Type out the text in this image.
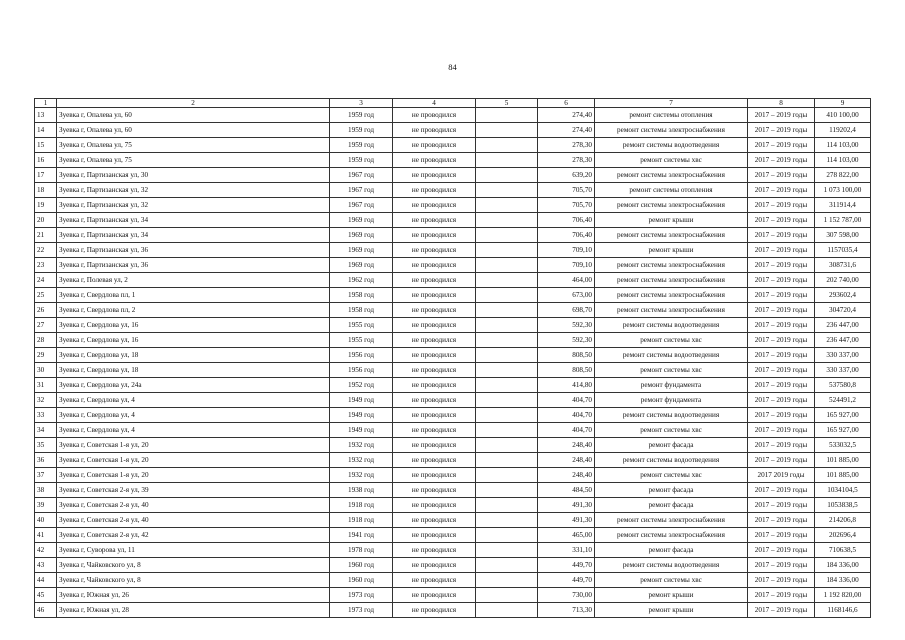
84
1	2	3	4	5	6	7	8	9
13	Зуевка г, Опалева ул, 60	1959 год	не проводился		274,40	ремонт системы отопления	2017 – 2019 годы	410 100,00
14	Зуевка г, Опалева ул, 60	1959 год	не проводился		274,40	ремонт системы электроснабжения	2017 – 2019 годы	119202,4
15	Зуевка г, Опалева ул, 75	1959 год	не проводился		278,30	ремонт системы водоотведения	2017 – 2019 годы	114 103,00
16	Зуевка г, Опалева ул, 75	1959 год	не проводился		278,30	ремонт системы хвс	2017 – 2019 годы	114 103,00
17	Зуевка г, Партизанская ул, 30	1967 год	не проводился		639,20	ремонт системы электроснабжения	2017 – 2019 годы	278 822,00
18	Зуевка г, Партизанская ул, 32	1967 год	не проводился		705,70	ремонт системы отопления	2017 – 2019 годы	1 073 100,00
19	Зуевка г, Партизанская ул, 32	1967 год	не проводился		705,70	ремонт системы электроснабжения	2017 – 2019 годы	311914,4
20	Зуевка г, Партизанская ул, 34	1969 год	не проводился		706,40	ремонт крыши	2017 – 2019 годы	1 152 787,00
21	Зуевка г, Партизанская ул, 34	1969 год	не проводился		706,40	ремонт системы электроснабжения	2017 – 2019 годы	307 598,00
22	Зуевка г, Партизанская ул, 36	1969 год	не проводился		709,10	ремонт крыши	2017 – 2019 годы	1157035,4
23	Зуевка г, Партизанская ул, 36	1969 год	не проводился		709,10	ремонт системы электроснабжения	2017 – 2019 годы	308731,6
24	Зуевка г, Полевая ул, 2	1962 год	не проводился		464,00	ремонт системы электроснабжения	2017 – 2019 годы	202 740,00
25	Зуевка г, Свердлова пл, 1	1958 год	не проводился		673,00	ремонт системы электроснабжения	2017 – 2019 годы	293602,4
26	Зуевка г, Свердлова пл, 2	1958 год	не проводился		698,70	ремонт системы электроснабжения	2017 – 2019 годы	304720,4
27	Зуевка г, Свердлова ул, 16	1955 год	не проводился		592,30	ремонт системы водоотведения	2017 – 2019 годы	236 447,00
28	Зуевка г, Свердлова ул, 16	1955 год	не проводился		592,30	ремонт системы хвс	2017 – 2019 годы	236 447,00
29	Зуевка г, Свердлова ул, 18	1956 год	не проводился		808,50	ремонт системы водоотведения	2017 – 2019 годы	330 337,00
30	Зуевка г, Свердлова ул, 18	1956 год	не проводился		808,50	ремонт системы хвс	2017 – 2019 годы	330 337,00
31	Зуевка г, Свердлова ул, 24а	1952 год	не проводился		414,80	ремонт фундамента	2017 – 2019 годы	537580,8
32	Зуевка г, Свердлова ул, 4	1949 год	не проводился		404,70	ремонт фундамента	2017 – 2019 годы	524491,2
33	Зуевка г, Свердлова ул, 4	1949 год	не проводился		404,70	ремонт системы водоотведения	2017 – 2019 годы	165 927,00
34	Зуевка г, Свердлова ул, 4	1949 год	не проводился		404,70	ремонт системы хвс	2017 – 2019 годы	165 927,00
35	Зуевка г, Советская 1-я ул, 20	1932 год	не проводился		248,40	ремонт фасада	2017 – 2019 годы	533032,5
36	Зуевка г, Советская 1-я ул, 20	1932 год	не проводился		248,40	ремонт системы водоотведения	2017 – 2019 годы	101 885,00
37	Зуевка г, Советская 1-я ул, 20	1932 год	не проводился		248,40	ремонт системы хвс	2017 2019 годы	101 885,00
38	Зуевка г, Советская 2-я ул, 39	1938 год	не проводился		484,50	ремонт фасада	2017 – 2019 годы	1034104,5
39	Зуевка г, Советская 2-я ул, 40	1918 год	не проводился		491,30	ремонт фасада	2017 – 2019 годы	1053838,5
40	Зуевка г, Советская 2-я ул, 40	1918 год	не проводился		491,30	ремонт системы электроснабжения	2017 – 2019 годы	214206,8
41	Зуевка г, Советская 2-я ул, 42	1941 год	не проводился		465,00	ремонт системы электроснабжения	2017 – 2019 годы	202696,4
42	Зуевка г, Суворова ул, 11	1978 год	не проводился		331,10	ремонт фасада	2017 – 2019 годы	710638,5
43	Зуевка г, Чайковского ул, 8	1960 год	не проводился		449,70	ремонт системы водоотведения	2017 – 2019 годы	184 336,00
44	Зуевка г, Чайковского ул, 8	1960 год	не проводился		449,70	ремонт системы хвс	2017 – 2019 годы	184 336,00
45	Зуевка г, Южная ул, 26	1973 год	не проводился		730,00	ремонт крыши	2017 – 2019 годы	1 192 820,00
46	Зуевка г, Южная ул, 28	1973 год	не проводился		713,30	ремонт крыши	2017 – 2019 годы	1168146,6
